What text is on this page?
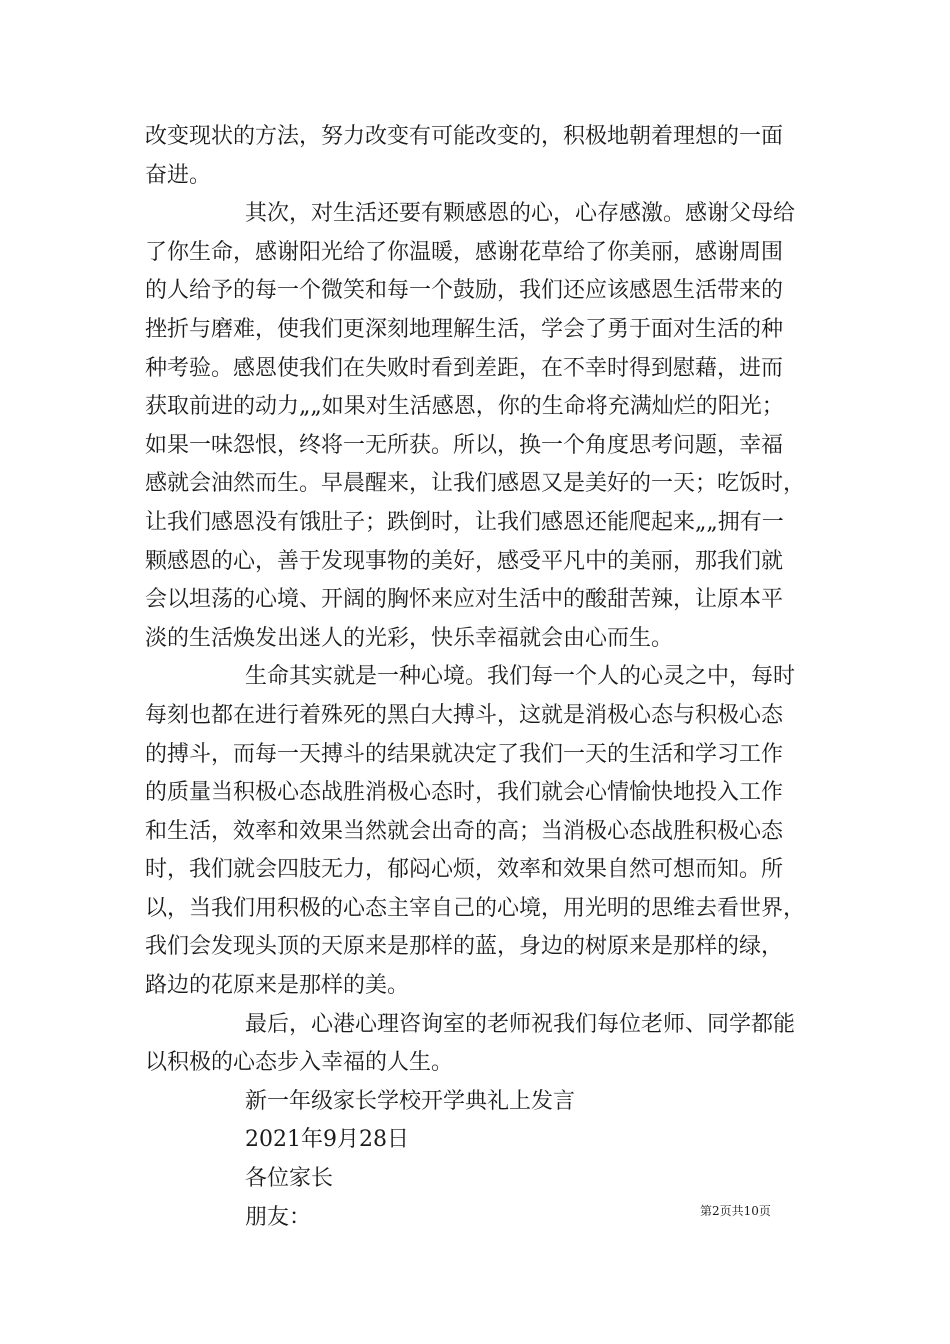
改变现状的方法，努力改变有可能改变的，积极地朝着理想的一面
奋进。
其次，对生活还要有颗感恩的心，心存感激。感谢父母给
了你生命，感谢阳光给了你温暖，感谢花草给了你美丽，感谢周围
的人给予的每一个微笑和每一个鼓励，我们还应该感恩生活带来的
挫折与磨难，使我们更深刻地理解生活，学会了勇于面对生活的种
种考验。感恩使我们在失败时看到差距，在不幸时得到慰藉，进而
获取前进的动力„„如果对生活感恩，你的生命将充满灿烂的阳光；
如果一味怨恨，终将一无所获。所以，换一个角度思考问题，幸福
感就会油然而生。早晨醒来，让我们感恩又是美好的一天；吃饭时，
让我们感恩没有饿肚子；跌倒时，让我们感恩还能爬起来„„拥有一
颗感恩的心，善于发现事物的美好，感受平凡中的美丽，那我们就
会以坦荡的心境、开阔的胸怀来应对生活中的酸甜苦辣，让原本平
淡的生活焕发出迷人的光彩，快乐幸福就会由心而生。
生命其实就是一种心境。我们每一个人的心灵之中，每时
每刻也都在进行着殊死的黑白大搏斗，这就是消极心态与积极心态
的搏斗，而每一天搏斗的结果就决定了我们一天的生活和学习工作
的质量当积极心态战胜消极心态时，我们就会心情愉快地投入工作
和生活，效率和效果当然就会出奇的高；当消极心态战胜积极心态
时，我们就会四肢无力，郁闷心烦，效率和效果自然可想而知。所
以，当我们用积极的心态主宰自己的心境，用光明的思维去看世界，
我们会发现头顶的天原来是那样的蓝，身边的树原来是那样的绿，
路边的花原来是那样的美。
最后，心港心理咨询室的老师祝我们每位老师、同学都能
以积极的心态步入幸福的人生。
新一年级家长学校开学典礼上发言
2021年9月28日
各位家长
朋友：	第2页共10页
